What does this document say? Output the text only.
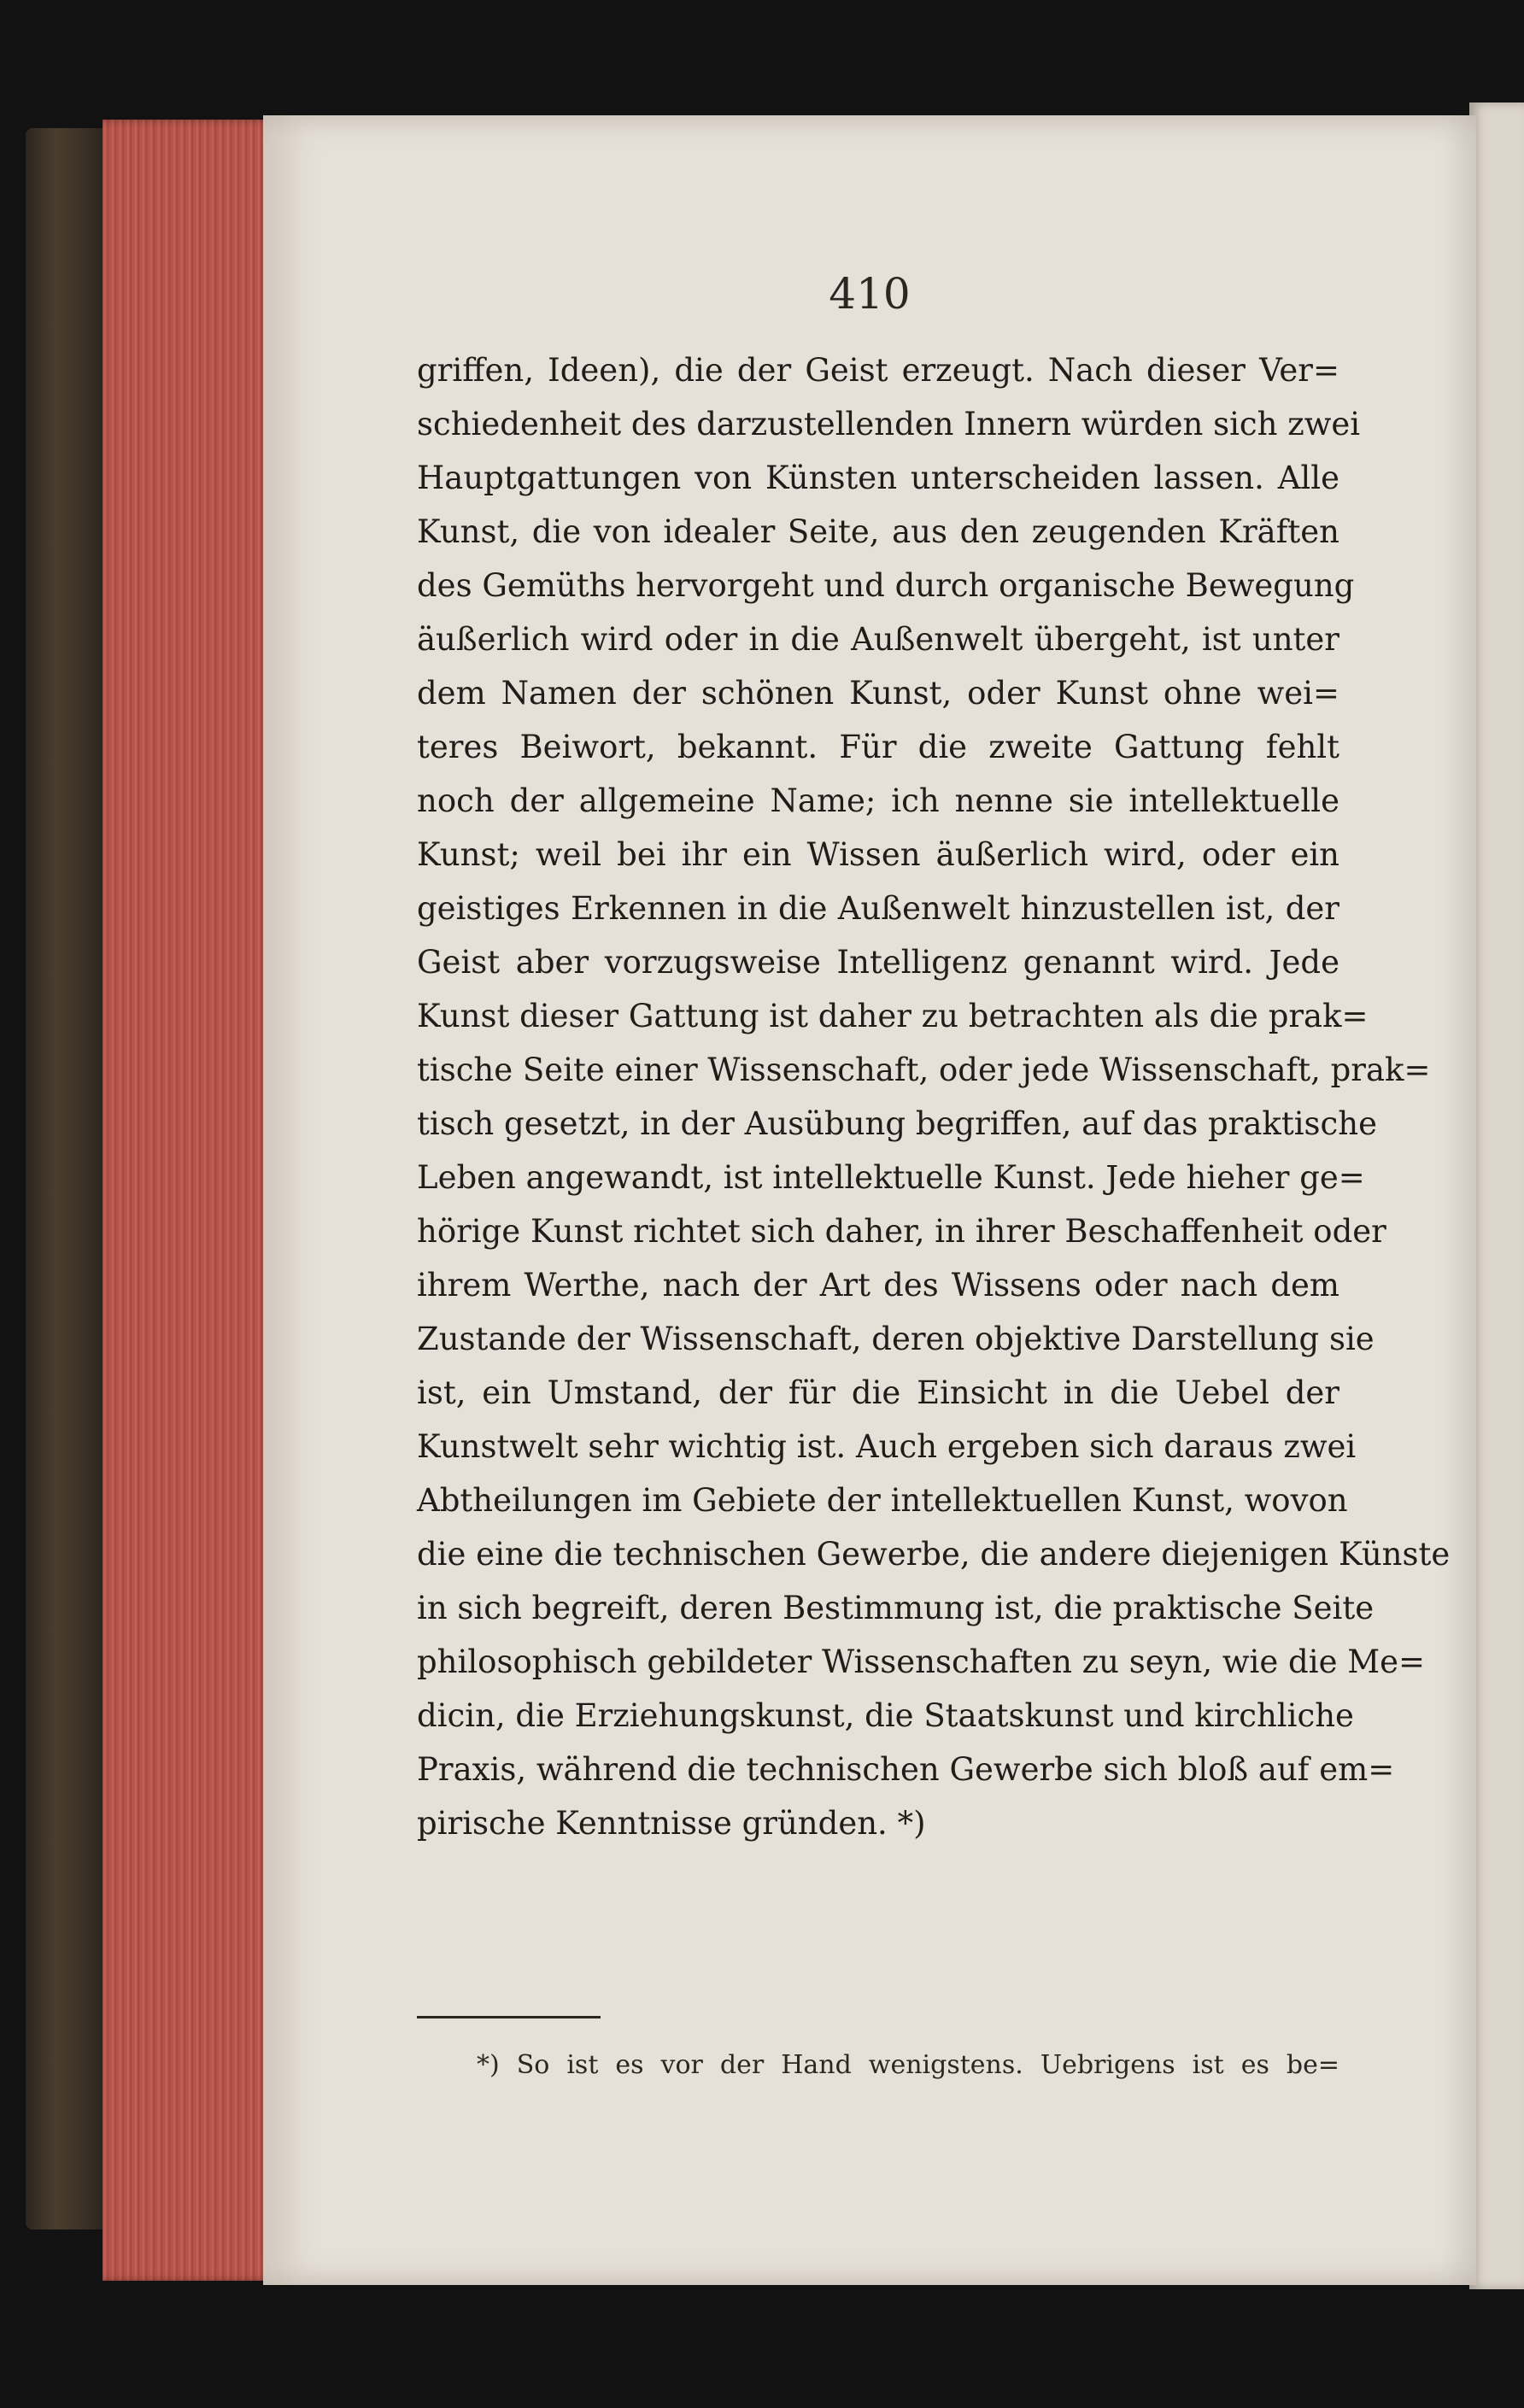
410
griffen, Ideen), die der Geist erzeugt. Nach dieser Ver=
schiedenheit des darzustellenden Innern würden sich zwei
Hauptgattungen von Künsten unterscheiden lassen. Alle
Kunst, die von idealer Seite, aus den zeugenden Kräften
des Gemüths hervorgeht und durch organische Bewegung
äußerlich wird oder in die Außenwelt übergeht, ist unter
dem Namen der schönen Kunst, oder Kunst ohne wei=
teres Beiwort, bekannt. Für die zweite Gattung fehlt
noch der allgemeine Name; ich nenne sie intellektuelle
Kunst; weil bei ihr ein Wissen äußerlich wird, oder ein
geistiges Erkennen in die Außenwelt hinzustellen ist, der
Geist aber vorzugsweise Intelligenz genannt wird. Jede
Kunst dieser Gattung ist daher zu betrachten als die prak=
tische Seite einer Wissenschaft, oder jede Wissenschaft, prak=
tisch gesetzt, in der Ausübung begriffen, auf das praktische
Leben angewandt, ist intellektuelle Kunst. Jede hieher ge=
hörige Kunst richtet sich daher, in ihrer Beschaffenheit oder
ihrem Werthe, nach der Art des Wissens oder nach dem
Zustande der Wissenschaft, deren objektive Darstellung sie
ist, ein Umstand, der für die Einsicht in die Uebel der
Kunstwelt sehr wichtig ist. Auch ergeben sich daraus zwei
Abtheilungen im Gebiete der intellektuellen Kunst, wovon
die eine die technischen Gewerbe, die andere diejenigen Künste
in sich begreift, deren Bestimmung ist, die praktische Seite
philosophisch gebildeter Wissenschaften zu seyn, wie die Me=
dicin, die Erziehungskunst, die Staatskunst und kirchliche
Praxis, während die technischen Gewerbe sich bloß auf em=
pirische Kenntnisse gründen. *)
*) So ist es vor der Hand wenigstens. Uebrigens ist es be=
